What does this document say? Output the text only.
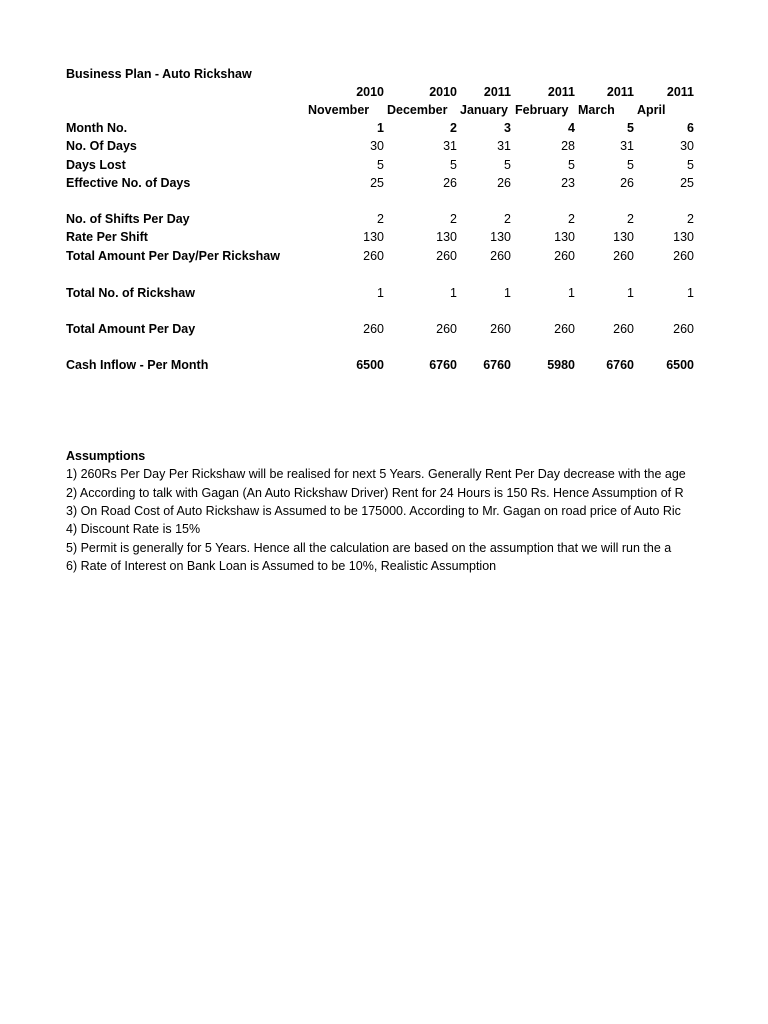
Business Plan - Auto Rickshaw
2010	2010	2011	2011	2011	2011
November December January February March April
Month No.	1	2	3	4	5	6
No. Of Days	30	31	31	28	31	30
Days Lost	5	5	5	5	5	5
Effective No. of Days	25	26	26	23	26	25
No. of Shifts Per Day	2	2	2	2	2	2
Rate Per Shift	130	130	130	130	130	130
Total Amount Per Day/Per Rickshaw	260	260	260	260	260	260
Total No. of Rickshaw	1	1	1	1	1	1
Total Amount Per Day	260	260	260	260	260	260
Cash Inflow - Per Month	6500	6760	6760	5980	6760	6500
Assumptions
1) 260Rs Per Day Per Rickshaw will be realised for next 5 Years. Generally Rent Per Day decrease with the age
2) According to talk with Gagan (An Auto Rickshaw Driver) Rent for 24 Hours is 150 Rs. Hence Assumption of R
3) On Road Cost of Auto Rickshaw is Assumed to be 175000. According to Mr. Gagan on road price of Auto Ric
4) Discount Rate is 15%
5) Permit is generally for 5 Years. Hence all the calculation are based on the assumption that we will run the a
6) Rate of Interest on Bank Loan is Assumed to be 10%, Realistic Assumption
